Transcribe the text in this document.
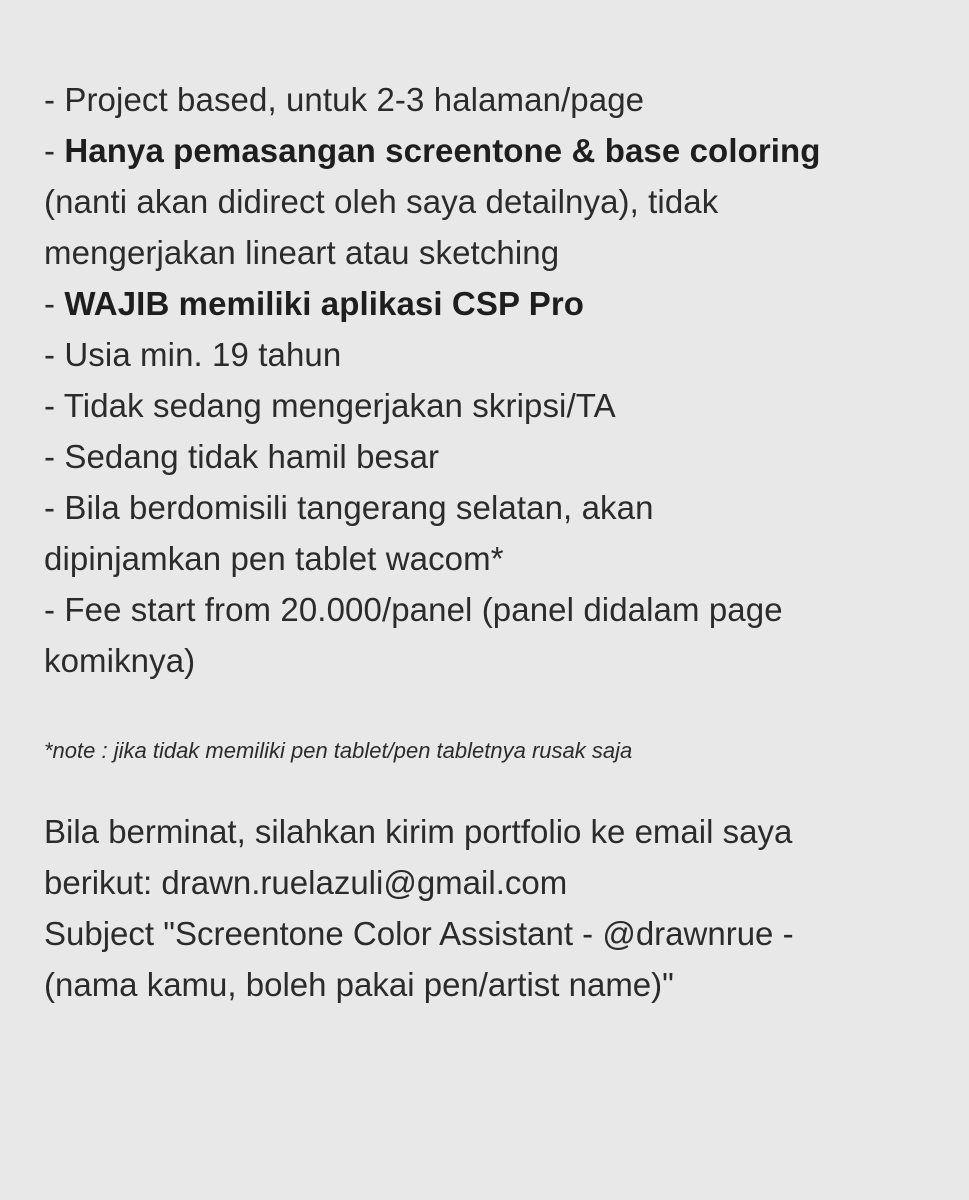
- Project based, untuk 2-3 halaman/page
- Hanya pemasangan screentone & base coloring
(nanti akan didirect oleh saya detailnya), tidak
mengerjakan lineart atau sketching
- WAJIB memiliki aplikasi CSP Pro
- Usia min. 19 tahun
- Tidak sedang mengerjakan skripsi/TA
- Sedang tidak hamil besar
- Bila berdomisili tangerang selatan, akan
dipinjamkan pen tablet wacom*
- Fee start from 20.000/panel (panel didalam page
komiknya)
*note : jika tidak memiliki pen tablet/pen tabletnya rusak saja
Bila berminat, silahkan kirim portfolio ke email saya
berikut: drawn.ruelazuli@gmail.com
Subject "Screentone Color Assistant - @drawnrue -
(nama kamu, boleh pakai pen/artist name)"
